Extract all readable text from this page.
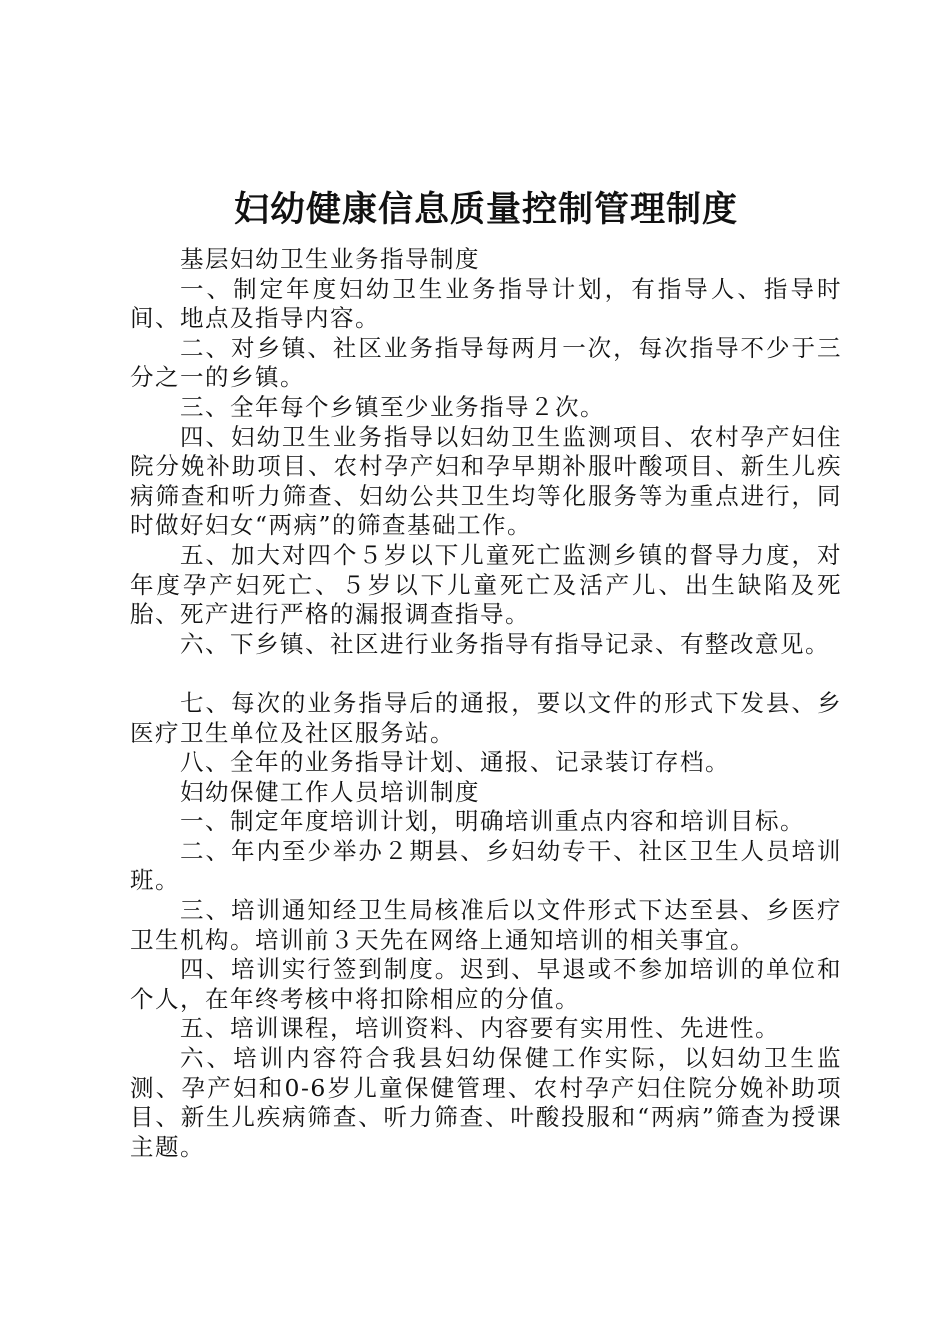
妇幼健康信息质量控制管理制度

基层妇幼卫生业务指导制度

一、制定年度妇幼卫生业务指导计划，有指导人、指导时间、地点及指导内容。

二、对乡镇、社区业务指导每两月一次，每次指导不少于三分之一的乡镇。

三、全年每个乡镇至少业务指导２次。

四、妇幼卫生业务指导以妇幼卫生监测项目、农村孕产妇住院分娩补助项目、农村孕产妇和孕早期补服叶酸项目、新生儿疾病筛查和听力筛查、妇幼公共卫生均等化服务等为重点进行，同时做好妇女“两病”的筛查基础工作。

五、加大对四个５岁以下儿童死亡监测乡镇的督导力度，对年度孕产妇死亡、５岁以下儿童死亡及活产儿、出生缺陷及死胎、死产进行严格的漏报调查指导。

六、下乡镇、社区进行业务指导有指导记录、有整改意见。

七、每次的业务指导后的通报，要以文件的形式下发县、乡医疗卫生单位及社区服务站。

八、全年的业务指导计划、通报、记录装订存档。

妇幼保健工作人员培训制度

一、制定年度培训计划，明确培训重点内容和培训目标。

二、年内至少举办２期县、乡妇幼专干、社区卫生人员培训班。

三、培训通知经卫生局核准后以文件形式下达至县、乡医疗卫生机构。培训前３天先在网络上通知培训的相关事宜。

四、培训实行签到制度。迟到、早退或不参加培训的单位和个人，在年终考核中将扣除相应的分值。

五、培训课程，培训资料、内容要有实用性、先进性。

六、培训内容符合我县妇幼保健工作实际，以妇幼卫生监测、孕产妇和0-6岁儿童保健管理、农村孕产妇住院分娩补助项目、新生儿疾病筛查、听力筛查、叶酸投服和“两病”筛查为授课主题。
